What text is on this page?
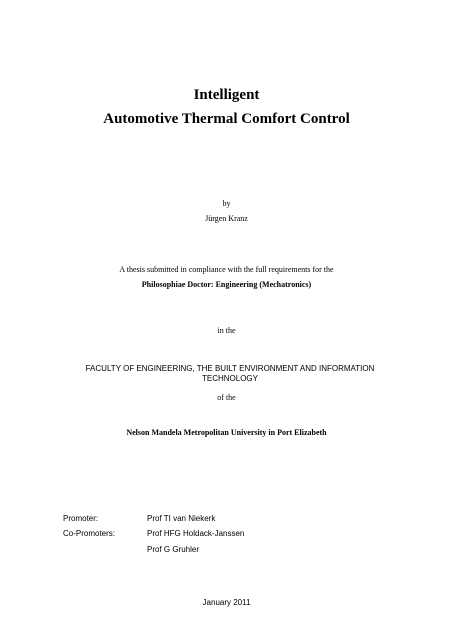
Intelligent
Automotive Thermal Comfort Control
by
Jürgen Kranz
A thesis submitted in compliance with the full requirements for the
Philosophiae Doctor: Engineering (Mechatronics)
in the
FACULTY OF ENGINEERING, THE BUILT ENVIRONMENT AND INFORMATION TECHNOLOGY
of the
Nelson Mandela Metropolitan University in Port Elizabeth
Promoter:	Prof TI van Niekerk
Co-Promoters:	Prof HFG Holdack-Janssen
Prof G Gruhler
January 2011
